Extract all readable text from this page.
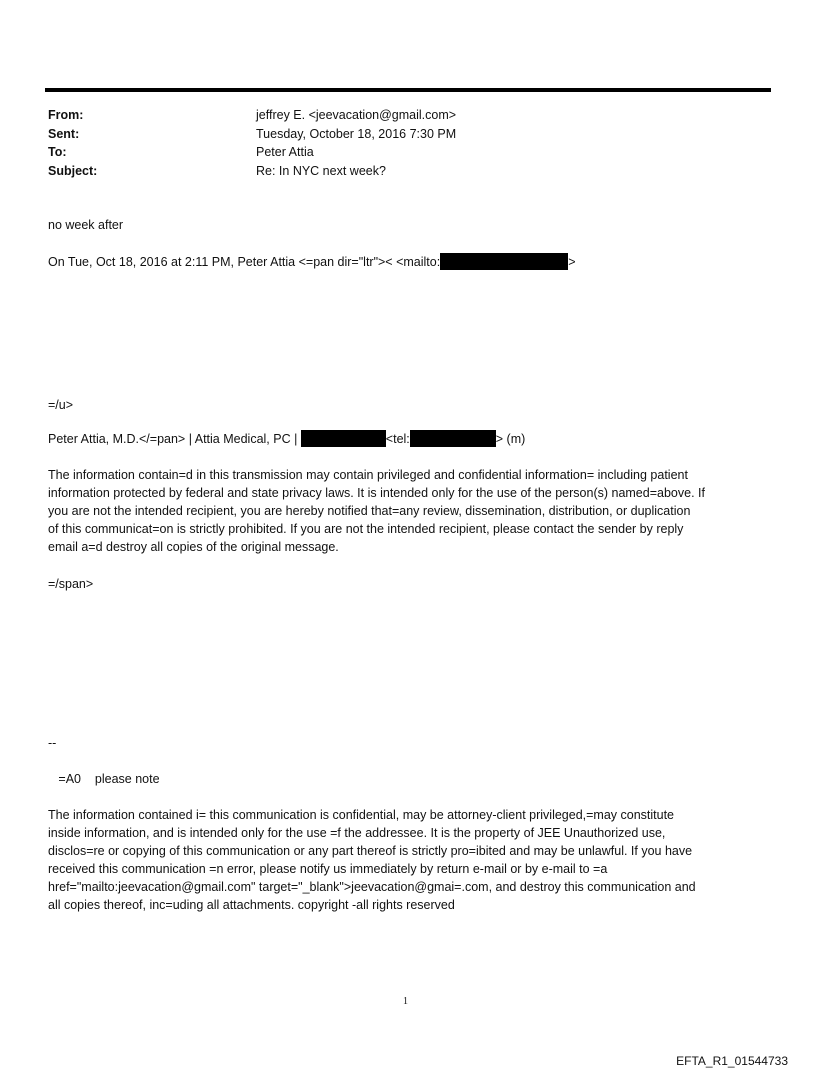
From:	jeffrey E. <jeevacation@gmail.com>
Sent:	Tuesday, October 18, 2016 7:30 PM
To:	Peter Attia
Subject:	Re: In NYC next week?
no week after
On Tue, Oct 18, 2016 at 2:11 PM, Peter Attia <=pan dir="ltr">< <mailto:	>
=/u>
Peter Attia, M.D.</=pan> | Attia Medical, PC |	<tel:	> (m)
The information contain=d in this transmission may contain privileged and confidential information= including patient
information protected by federal and state privacy laws. It is intended only for the use of the person(s) named=above. If
you are not the intended recipient, you are hereby notified that=any review, dissemination, distribution, or duplication
of this communicat=on is strictly prohibited. If you are not the intended recipient, please contact the sender by reply
email a=d destroy all copies of the original message.
=/span>
--
=A0    please note
The information contained i= this communication is confidential, may be attorney-client privileged,=may constitute
inside information, and is intended only for the use =f the addressee. It is the property of JEE Unauthorized use,
disclos=re or copying of this communication or any part thereof is strictly pro=ibited and may be unlawful. If you have
received this communication =n error, please notify us immediately by return e-mail or by e-mail to =a
href="mailto:jeevacation@gmail.com" target="_blank">jeevacation@gmai=.com, and destroy this communication and
all copies thereof, inc=uding all attachments. copyright -all rights reserved
1
EFTA_R1_01544733
